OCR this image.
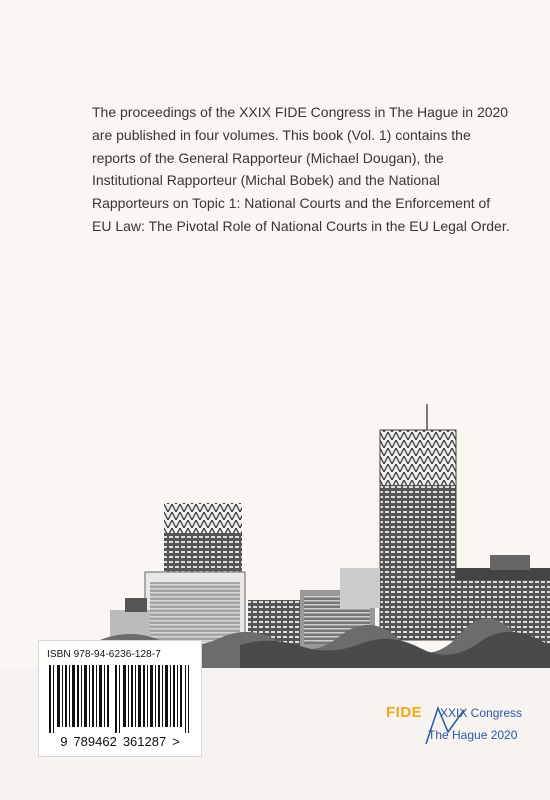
The proceedings of the XXIX FIDE Congress in The Hague in 2020 are published in four volumes. This book (Vol. 1) contains the reports of the General Rapporteur (Michael Dougan), the Institutional Rapporteur (Michal Bobek) and the National Rapporteurs on Topic 1: National Courts and the Enforcement of EU Law: The Pivotal Role of National Courts in the EU Legal Order.

ISBN 978-94-6236-128-7
9 789462 361287 >
FIDE XXIX Congress
The Hague 2020
